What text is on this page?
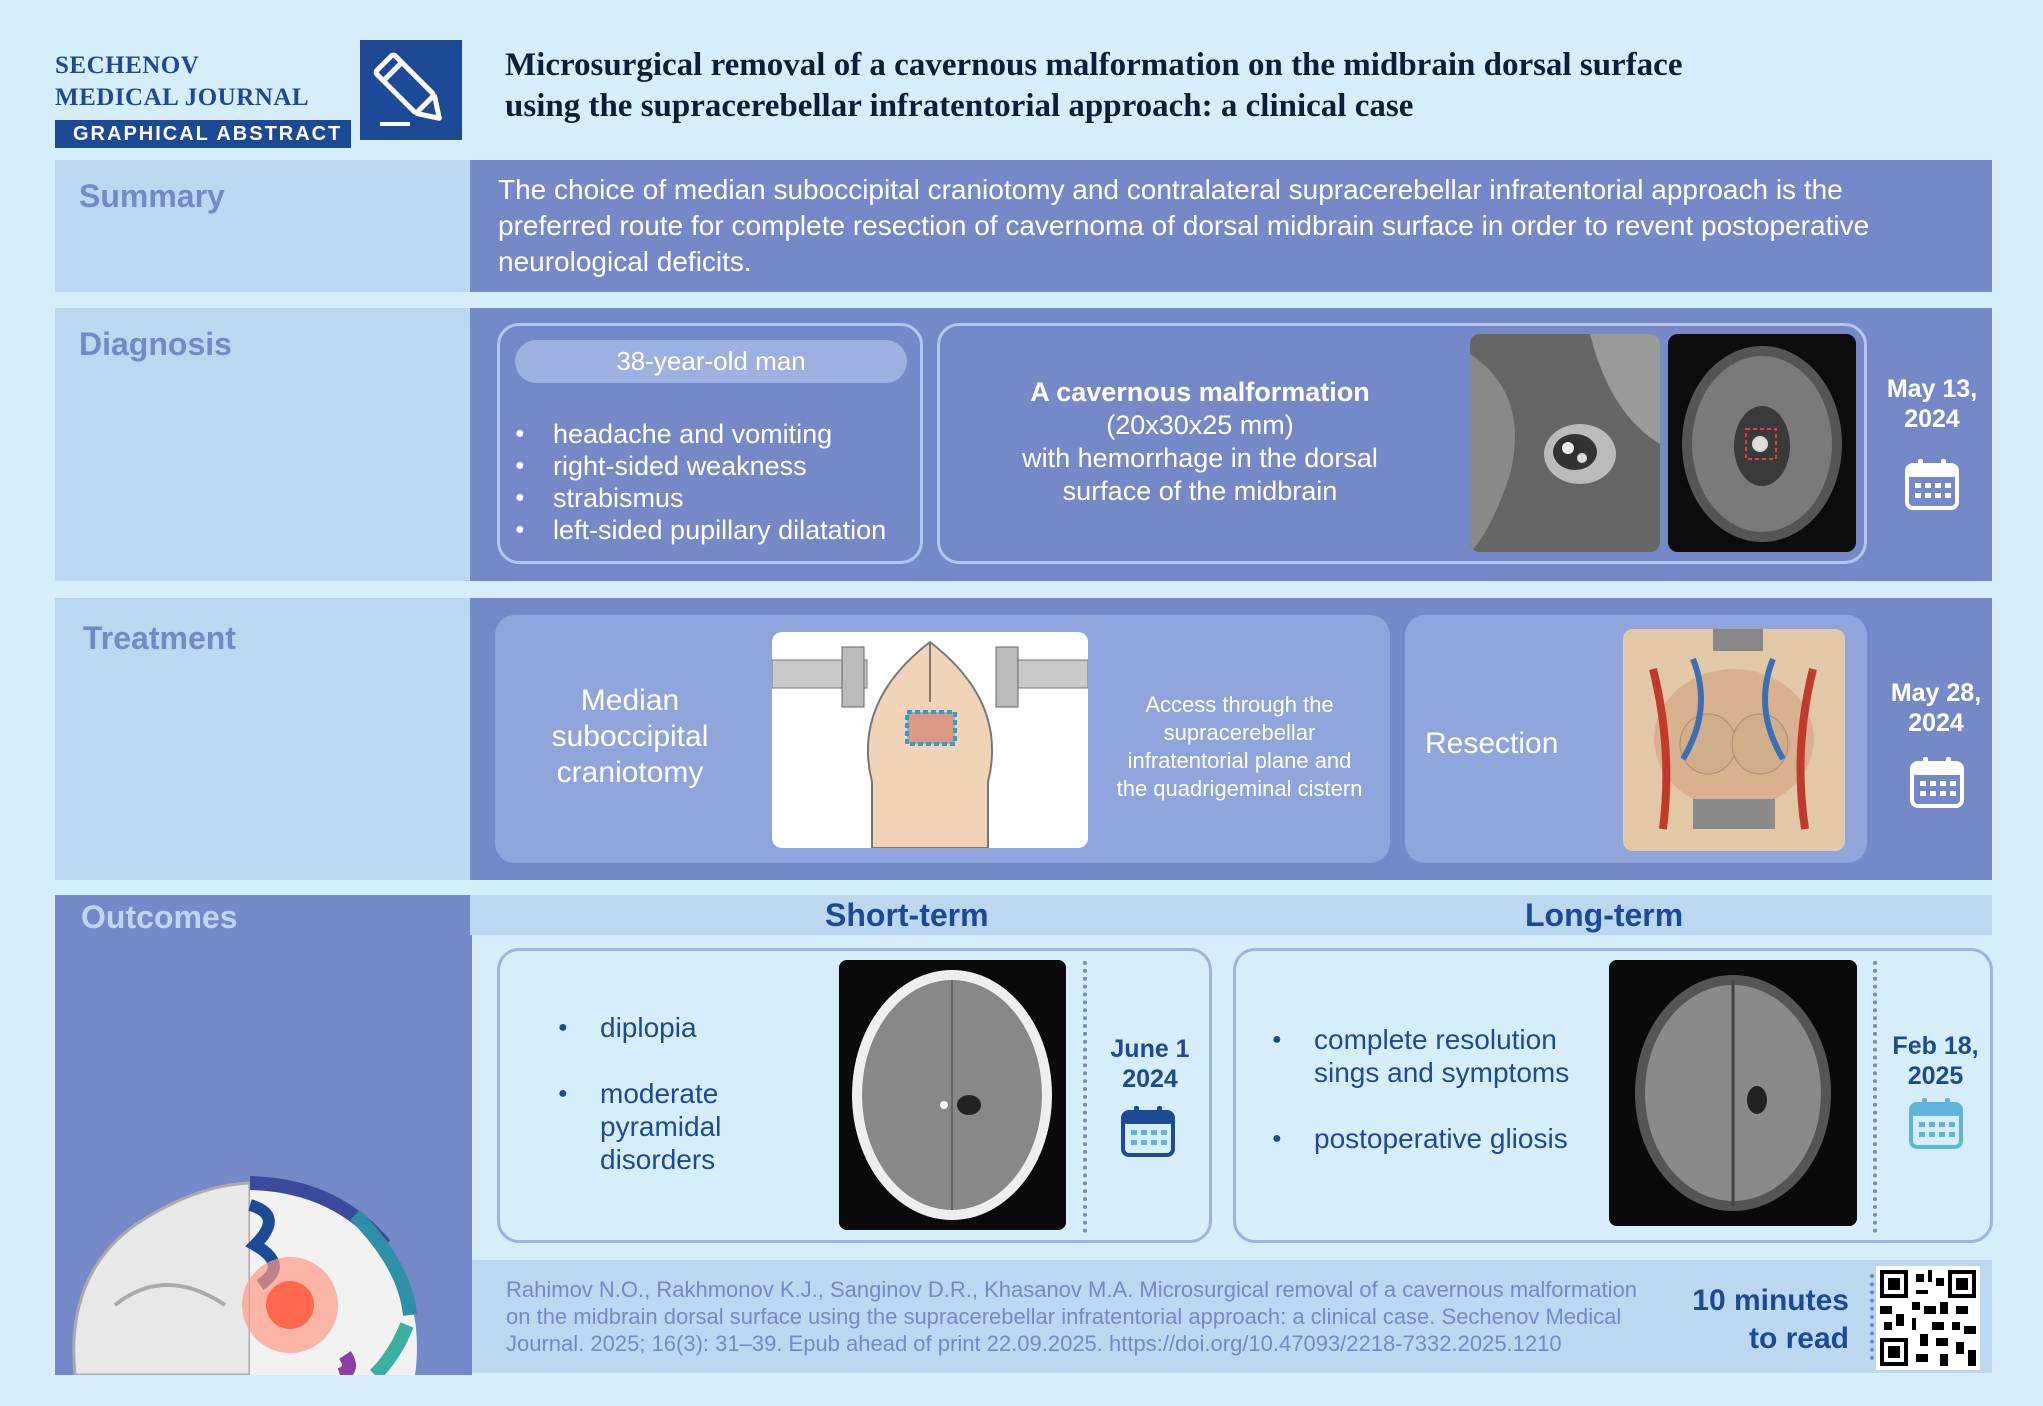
SECHENOV
MEDICAL JOURNAL
GRAPHICAL ABSTRACT
Microsurgical removal of a cavernous malformation on the midbrain dorsal surface
using the supracerebellar infratentorial approach: a clinical case
Summary	The choice of median suboccipital craniotomy and contralateral supracerebellar infratentorial approach is the preferred route for complete resection of cavernoma of dorsal midbrain surface in order to revent postoperative neurological deficits.
Diagnosis	38-year-old man
● headache and vomiting
● right-sided weakness
● strabismus
● left-sided pupillary dilatation
A cavernous malformation
(20x30x25 mm)
with hemorrhage in the dorsal
surface of the midbrain
May 13,
2024
Treatment
Median
suboccipital
craniotomy
Access through the
supracerebellar
infratentorial plane and
the quadrigeminal cistern
Resection
May 28,
2024
Outcomes	Short-term	Long-term
● diplopia
● moderate pyramidal disorders
June 1
2024
● complete resolution sings and symptoms
● postoperative gliosis
Feb 18,
2025
Rahimov N.O., Rakhmonov K.J., Sanginov D.R., Khasanov M.A. Microsurgical removal of a cavernous malformation on the midbrain dorsal surface using the supracerebellar infratentorial approach: a clinical case. Sechenov Medical Journal. 2025; 16(3): 31–39. Epub ahead of print 22.09.2025. https://doi.org/10.47093/2218-7332.2025.1210
10 minutes
to read
